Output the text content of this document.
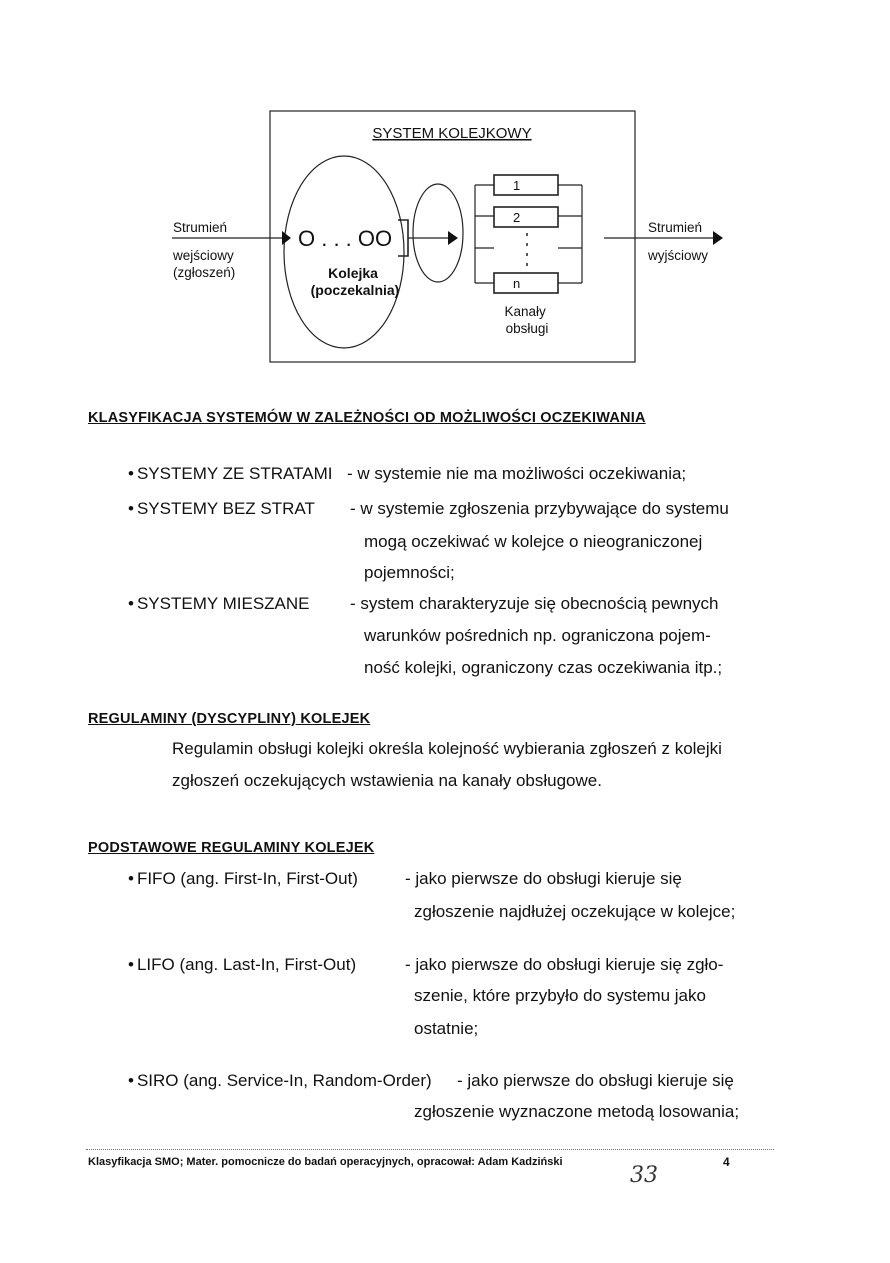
SYSTEM KOLEJKOWY
Strumień wejściowy (zgłoszeń)
O . . . OO
Kolejka (poczekalnia)
1
2
n
Kanały obsługi
Strumień wyjściowy
KLASYFIKACJA SYSTEMÓW W ZALEŻNOŚCI OD MOŻLIWOŚCI OCZEKIWANIA
• SYSTEMY ZE STRATAMI - w systemie nie ma możliwości oczekiwania;
• SYSTEMY BEZ STRAT - w systemie zgłoszenia przybywające do systemu
mogą oczekiwać w kolejce o nieograniczonej
pojemności;
• SYSTEMY MIESZANE - system charakteryzuje się obecnością pewnych
warunków pośrednich np. ograniczona pojem-
ność kolejki, ograniczony czas oczekiwania itp.;
REGULAMINY (DYSCYPLINY) KOLEJEK
Regulamin obsługi kolejki określa kolejność wybierania zgłoszeń z kolejki
zgłoszeń oczekujących wstawienia na kanały obsługowe.
PODSTAWOWE REGULAMINY KOLEJEK
• FIFO (ang. First-In, First-Out)	- jako pierwsze do obsługi kieruje się
zgłoszenie najdłużej oczekujące w kolejce;
• LIFO (ang. Last-In, First-Out)	- jako pierwsze do obsługi kieruje się zgło-
szenie, które przybyło do systemu jako
ostatnie;
• SIRO (ang. Service-In, Random-Order) - jako pierwsze do obsługi kieruje się
zgłoszenie wyznaczone metodą losowania;
Klasyfikacja SMO; Mater. pomocnicze do badań operacyjnych, opracował: Adam Kadziński	4
33
